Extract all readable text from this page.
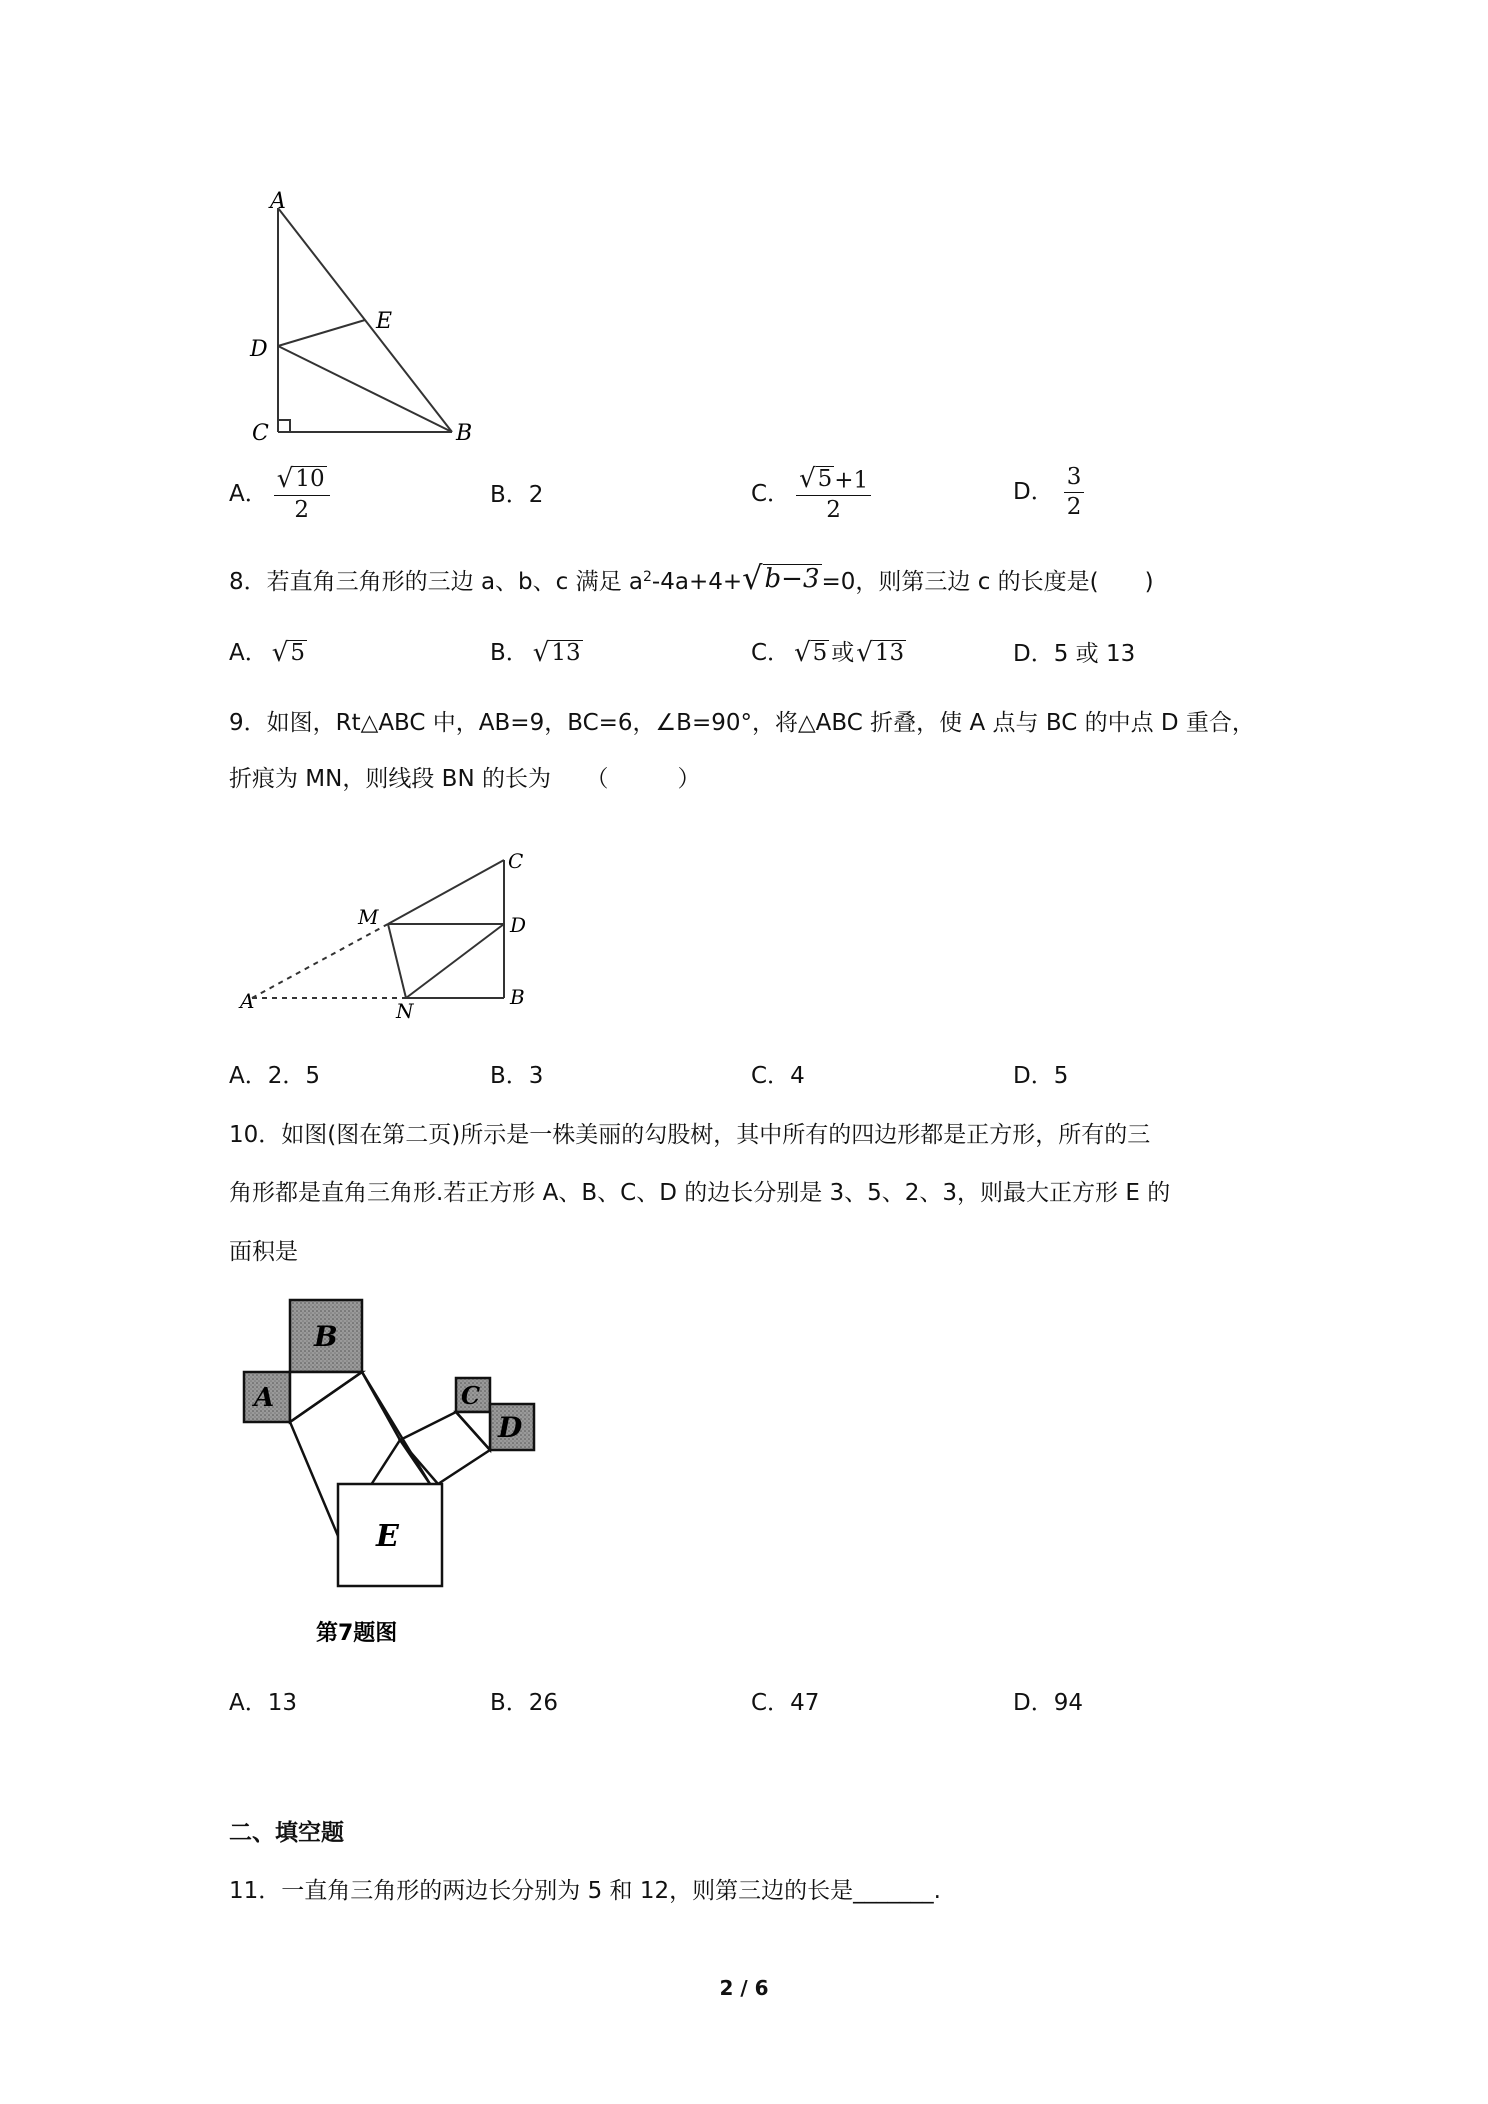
A
E
D
C	B
A． $\frac{√ 10}{2}$	B． 2	C． $\frac{√ 5 +1}{2}$	D． $\frac{3}{2}$
8．若直角三角形的三边 a、b、c 满足 $a^2$ -4a+4+ √ b−3 =0，则第三边 c 的长度是(　　)
A． √ 5	B． √ 13	C． √ 5 或 √ 13	D． 5 或 13
9．如图，Rt△ABC 中，AB=9，BC=6，∠B=90°，将△ABC 折叠，使 A 点与 BC 的中点 D 重合，
折痕为 MN，则线段 BN 的长为　　（　　　）
C
M	D
A	N
B
A． 2．5	B． 3	C． 4	D． 5
10．如图(图在第二页)所示是一株美丽的勾股树，其中所有的四边形都是正方形，所有的三
角形都是直角三角形.若正方形 A、B、C、D 的边长分别是 3、5、2、3，则最大正方形 E 的
面积是
B
A	C
D
E
第7题图
A． 13	B． 26	C． 47	D． 94
二、填空题
11．一直角三角形的两边长分别为 5 和 12，则第三边的长是_______.
2 / 6
